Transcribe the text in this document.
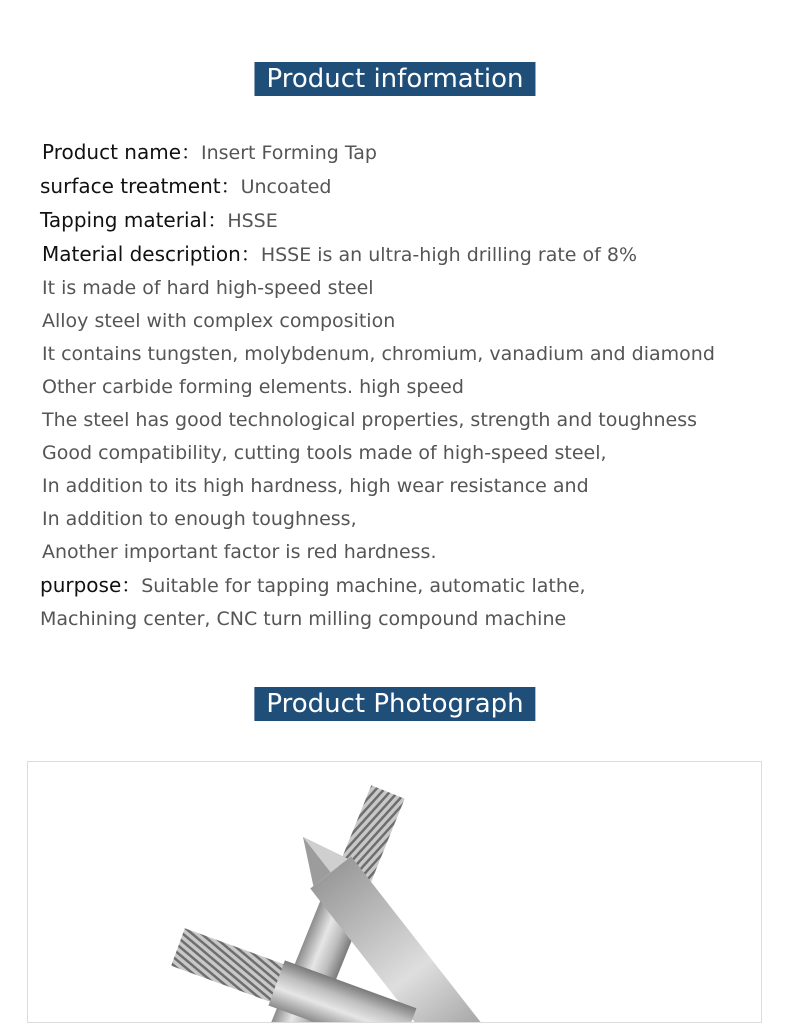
Product information
Product name：Insert Forming Tap
surface treatment：Uncoated
Tapping material：HSSE
Material description：HSSE is an ultra-high drilling rate of 8%
It is made of hard high-speed steel
Alloy steel with complex composition
It contains tungsten, molybdenum, chromium, vanadium and diamond
Other carbide forming elements. high speed
The steel has good technological properties, strength and toughness
Good compatibility, cutting tools made of high-speed steel,
In addition to its high hardness, high wear resistance and
In addition to enough toughness,
Another important factor is red hardness.
purpose：Suitable for tapping machine, automatic lathe,
Machining center, CNC turn milling compound machine
Product Photograph
